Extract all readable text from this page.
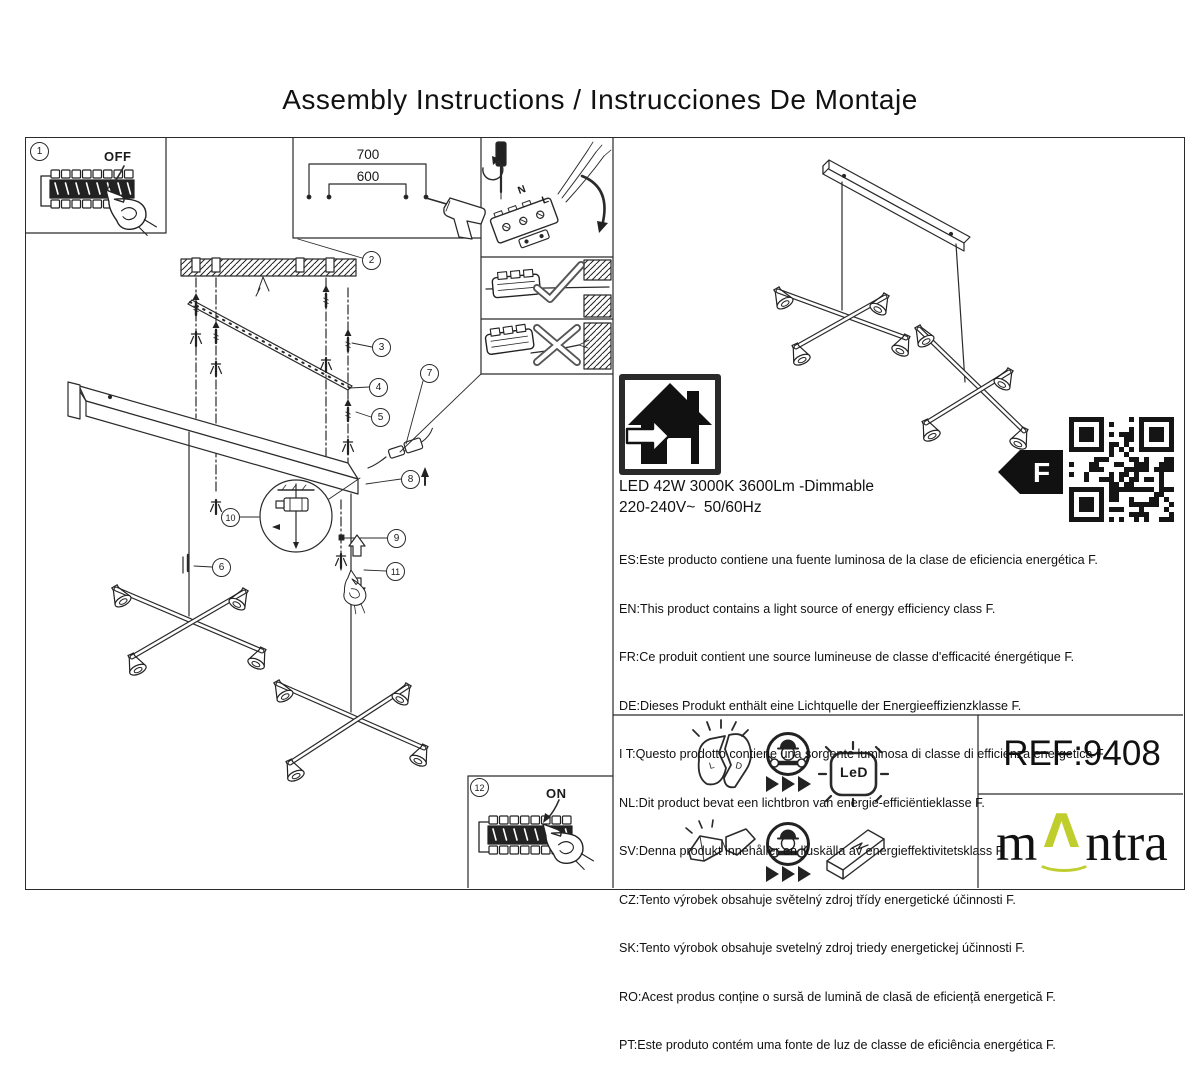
Assembly Instructions / Instrucciones De Montaje
L D
1
2
3
4
5
6
7
8
9
10
11
12
OFF
ON
700
600
N
L
LeD
F
LED 42W 3000K 3600Lm -Dimmable
220-240V~  50/60Hz

ES:Este producto contiene una fuente luminosa de la clase de eficiencia energética F.

EN:This product contains a light source of energy efficiency class F.

FR:Ce produit contient une source lumineuse de classe d'efficacité énergétique F.

DE:Dieses Produkt enthält eine Lichtquelle der Energieeffizienzklasse F.

I T:Questo prodotto contiene una sorgente luminosa di classe di efficienza energetica F.

NL:Dit product bevat een lichtbron van energie-efficiëntieklasse F.

SV:Denna produkt innehåller en ljuskälla av energieffektivitetsklass F.

CZ:Tento výrobek obsahuje světelný zdroj třídy energetické účinnosti F.

SK:Tento výrobok obsahuje svetelný zdroj triedy energetickej účinnosti F.

RO:Acest produs conține o sursă de lumină de clasă de eficiență energetică F.

PT:Este produto contém uma fonte de luz de classe de eficiência energética F.

REF:9408
m Λ ntra
